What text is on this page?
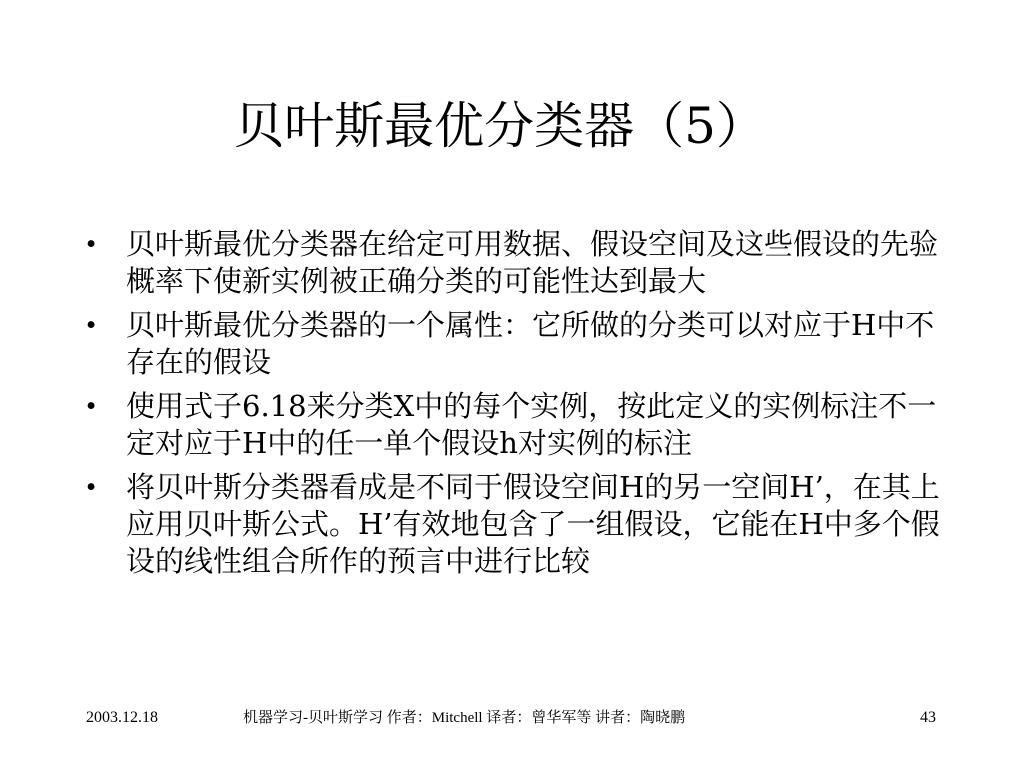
贝叶斯最优分类器（5）
• 贝叶斯最优分类器在给定可用数据、假设空间及这些假设的先验概率下使新实例被正确分类的可能性达到最大
• 贝叶斯最优分类器的一个属性：它所做的分类可以对应于H中不存在的假设
• 使用式子6.18来分类X中的每个实例，按此定义的实例标注不一定对应于H中的任一单个假设h对实例的标注
• 将贝叶斯分类器看成是不同于假设空间H的另一空间H’，在其上应用贝叶斯公式。H’有效地包含了一组假设，它能在H中多个假设的线性组合所作的预言中进行比较
2003.12.18	机器学习-贝叶斯学习 作者：Mitchell 译者：曾华军等 讲者：陶晓鹏	43
